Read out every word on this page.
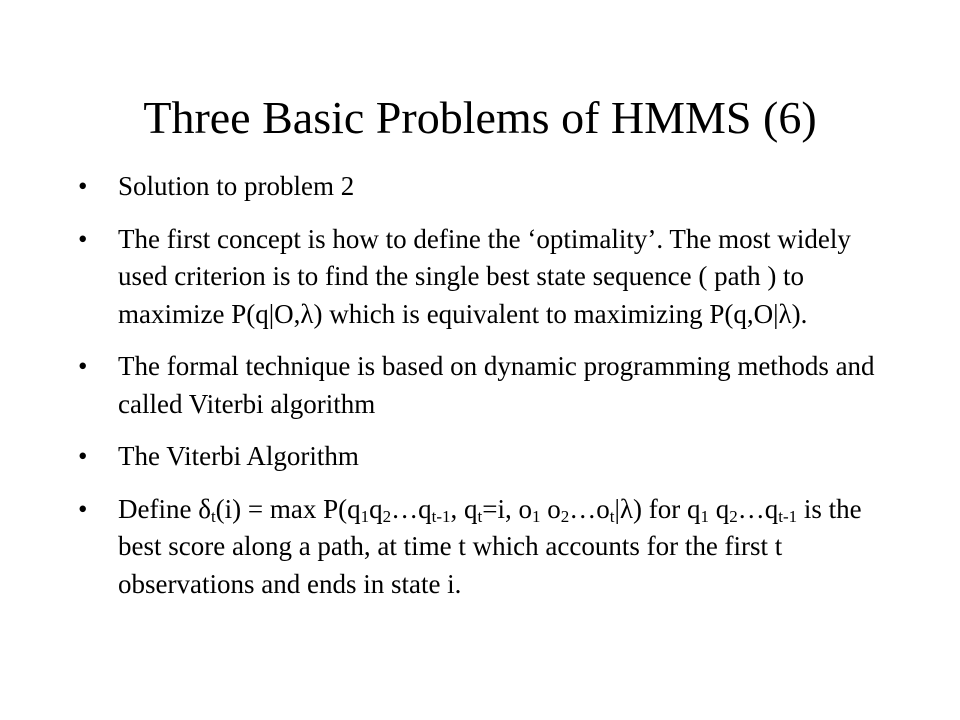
Three Basic Problems of HMMS (6)
• Solution to problem 2
• The first concept is how to define the ‘optimality’. The most widely used criterion is to find the single best state sequence ( path ) to maximize P(q|O,λ) which is equivalent to maximizing P(q,O|λ).
• The formal technique is based on dynamic programming methods and called Viterbi algorithm
• The Viterbi Algorithm
• Define $\delta_t(i) = \max$ $P(q_1q_2\dots q_{t-1}$, $q_t=i$, $o_1$ $o_2\dots o_t|\lambda$) for $q_1$ $q_2\dots q_{t-1}$ is the best score along a path, at time t which accounts for the first t observations and ends in state i.
